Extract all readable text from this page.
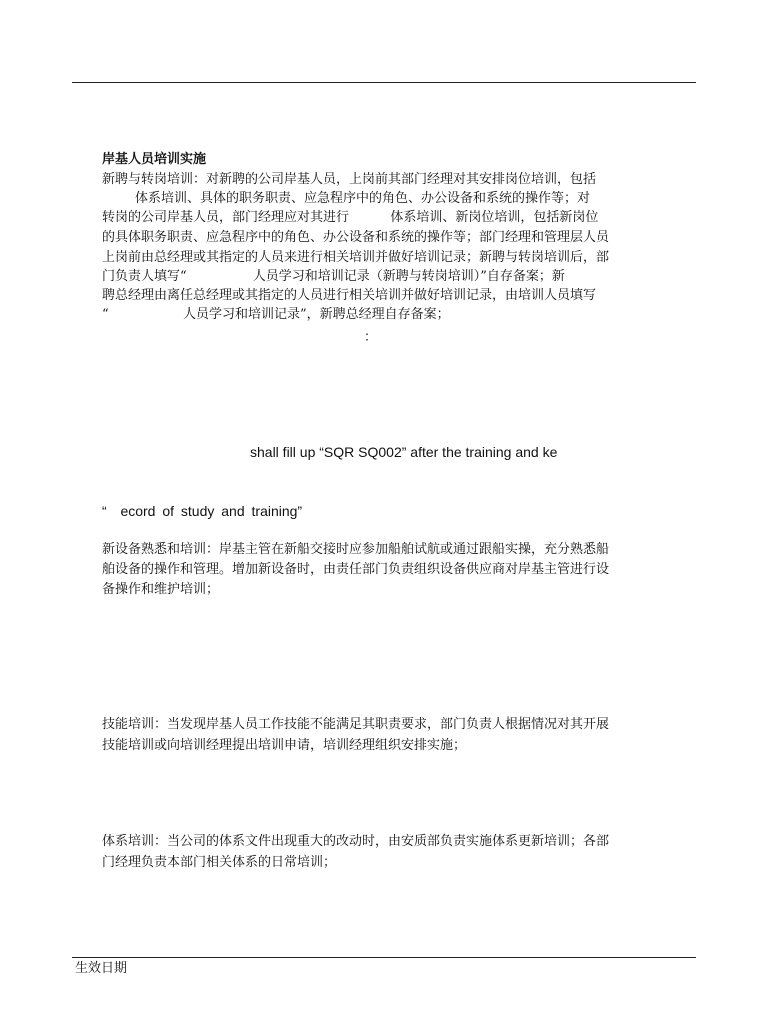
岸基人员培训实施

新聘与转岗培训：对新聘的公司岸基人员，上岗前其部门经理对其安排岗位培训，包括

体系培训、具体的职务职责、应急程序中的角色、办公设备和系统的操作等；对

转岗的公司岸基人员，部门经理应对其进行          体系培训、新岗位培训，包括新岗位

的具体职务职责、应急程序中的角色、办公设备和系统的操作等；部门经理和管理层人员

上岗前由总经理或其指定的人员来进行相关培训并做好培训记录；新聘与转岗培训后，部

门负责人填写“                人员学习和培训记录（新聘与转岗培训）”自存备案；新

聘总经理由离任总经理或其指定的人员进行相关培训并做好培训记录，由培训人员填写

“                  人员学习和培训记录”，新聘总经理自存备案；

：

shall fill up “SQR SQ002” after the training and ke

“  ecord of study and training”

新设备熟悉和培训：岸基主管在新船交接时应参加船舶试航或通过跟船实操，充分熟悉船

舶设备的操作和管理。增加新设备时，由责任部门负责组织设备供应商对岸基主管进行设

备操作和维护培训；

技能培训：当发现岸基人员工作技能不能满足其职责要求，部门负责人根据情况对其开展

技能培训或向培训经理提出培训申请，培训经理组织安排实施；

体系培训：当公司的体系文件出现重大的改动时，由安质部负责实施体系更新培训；各部

门经理负责本部门相关体系的日常培训；

生效日期
